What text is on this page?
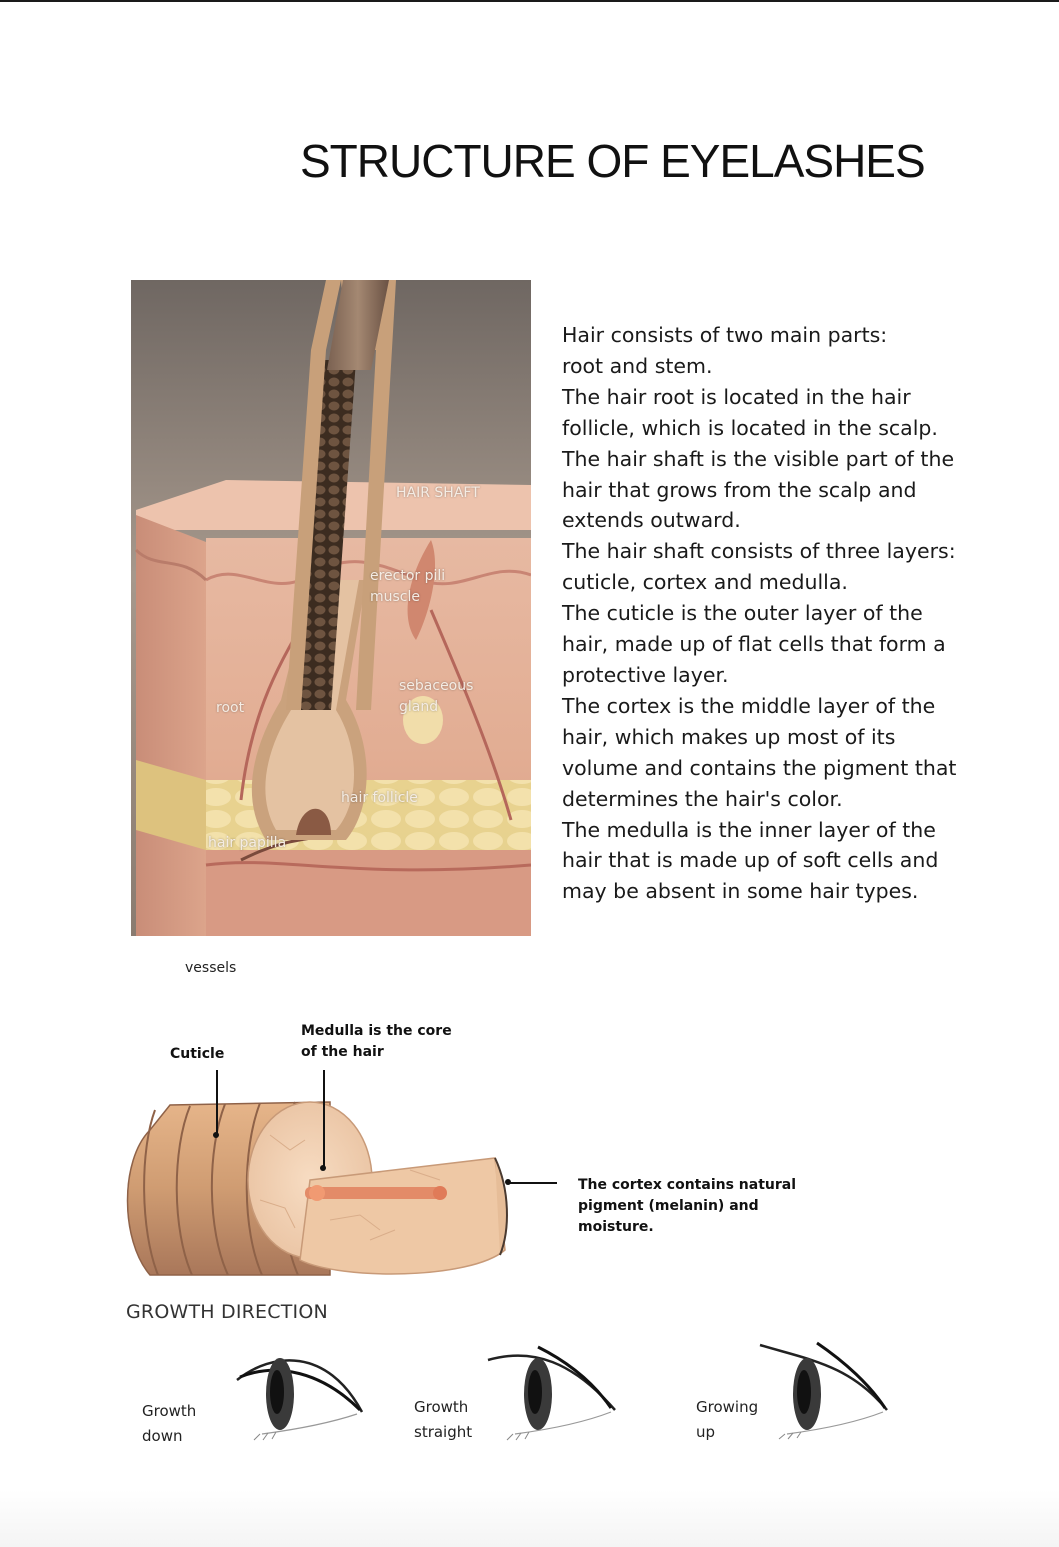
STRUCTURE OF EYELASHES
HAIR SHAFT
erector pili
muscle
sebaceous
gland
root
hair follicle
hair papilla

Hair consists of two main parts:

root and stem.

The hair root is located in the hair

follicle, which is located in the scalp.

The hair shaft is the visible part of the

hair that grows from the scalp and

extends outward.

The hair shaft consists of three layers:

cuticle, cortex and medulla.

The cuticle is the outer layer of the

hair, made up of flat cells that form a

protective layer.

The cortex is the middle layer of the

hair, which makes up most of its

volume and contains the pigment that

determines the hair's color.

The medulla is the inner layer of the

hair that is made up of soft cells and

may be absent in some hair types.

vessels
Cuticle
Medulla is the core
of the hair
The cortex contains natural
pigment (melanin) and
moisture.
GROWTH DIRECTION
Growth
down
Growth
straight
Growing
up
